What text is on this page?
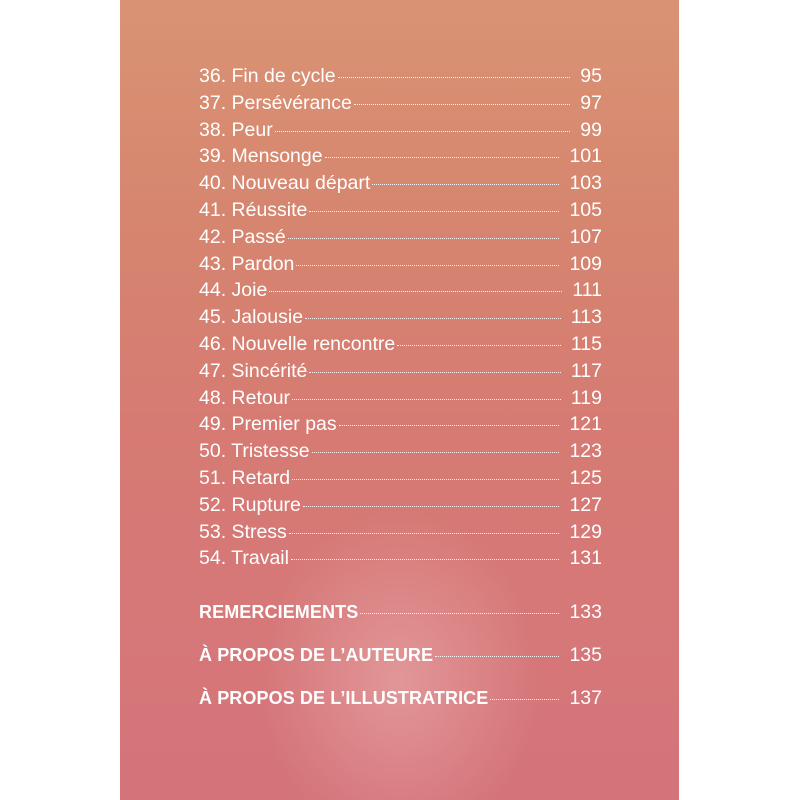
36. Fin de cycle	95
37. Persévérance	97
38. Peur	99
39. Mensonge	101
40. Nouveau départ	103
41. Réussite	105
42. Passé	107
43. Pardon	109
44. Joie	111
45. Jalousie	113
46. Nouvelle rencontre	115
47. Sincérité	117
48. Retour	119
49. Premier pas	121
50. Tristesse	123
51. Retard	125
52. Rupture	127
53. Stress	129
54. Travail	131
REMERCIEMENTS	133
À PROPOS DE L’AUTEURE	135
À PROPOS DE L’ILLUSTRATRICE	137
